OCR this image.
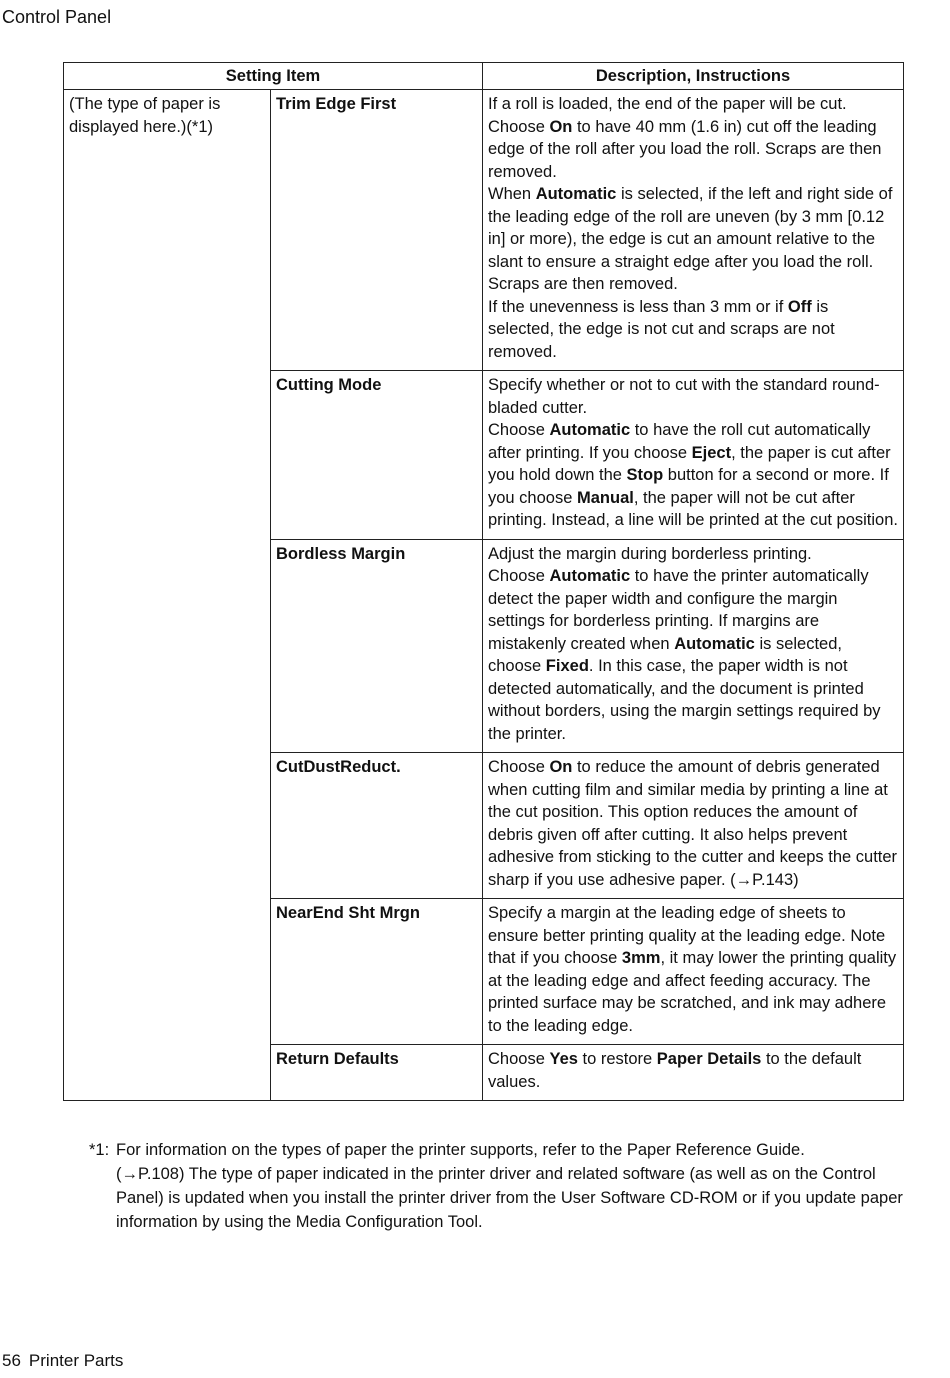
Control Panel
Setting Item		Description, Instructions
(The type of paper is displayed here.)(*1)	Trim Edge First	If a roll is loaded, the end of the paper will be cut.

Choose On to have 40 mm (1.6 in) cut off the leading edge of the roll after you load the roll. Scraps are then removed.

When Automatic is selected, if the left and right side of the leading edge of the roll are uneven (by 3 mm [0.12 in] or more), the edge is cut an amount relative to the slant to ensure a straight edge after you load the roll. Scraps are then removed.

If the unevenness is less than 3 mm or if Off is selected, the edge is not cut and scraps are not removed.

	Cutting Mode	Specify whether or not to cut with the standard round-bladed cutter.

Choose Automatic to have the roll cut automatically after printing. If you choose Eject, the paper is cut after you hold down the Stop button for a second or more. If you choose Manual, the paper will not be cut after printing. Instead, a line will be printed at the cut position.

	Bordless Margin	Adjust the margin during borderless printing.

Choose Automatic to have the printer automatically detect the paper width and configure the margin settings for borderless printing. If margins are mistakenly created when Automatic is selected, choose Fixed. In this case, the paper width is not detected automatically, and the document is printed without borders, using the margin settings required by the printer.

	CutDustReduct.	Choose On to reduce the amount of debris generated when cutting film and similar media by printing a line at the cut position. This option reduces the amount of debris given off after cutting. It also helps prevent adhesive from sticking to the cutter and keeps the cutter sharp if you use adhesive paper. (→P.143)

	NearEnd Sht Mrgn	Specify a margin at the leading edge of sheets to ensure better printing quality at the leading edge. Note that if you choose 3mm, it may lower the printing quality at the leading edge and affect feeding accuracy. The printed surface may be scratched, and ink may adhere to the leading edge.

	Return Defaults	Choose Yes to restore Paper Details to the default values.

*1: For information on the types of paper the printer supports, refer to the Paper Reference Guide.
(→P.108) The type of paper indicated in the printer driver and related software (as well as on the Control Panel) is updated when you install the printer driver from the User Software CD-ROM or if you update paper information by using the Media Configuration Tool.
56 Printer Parts
